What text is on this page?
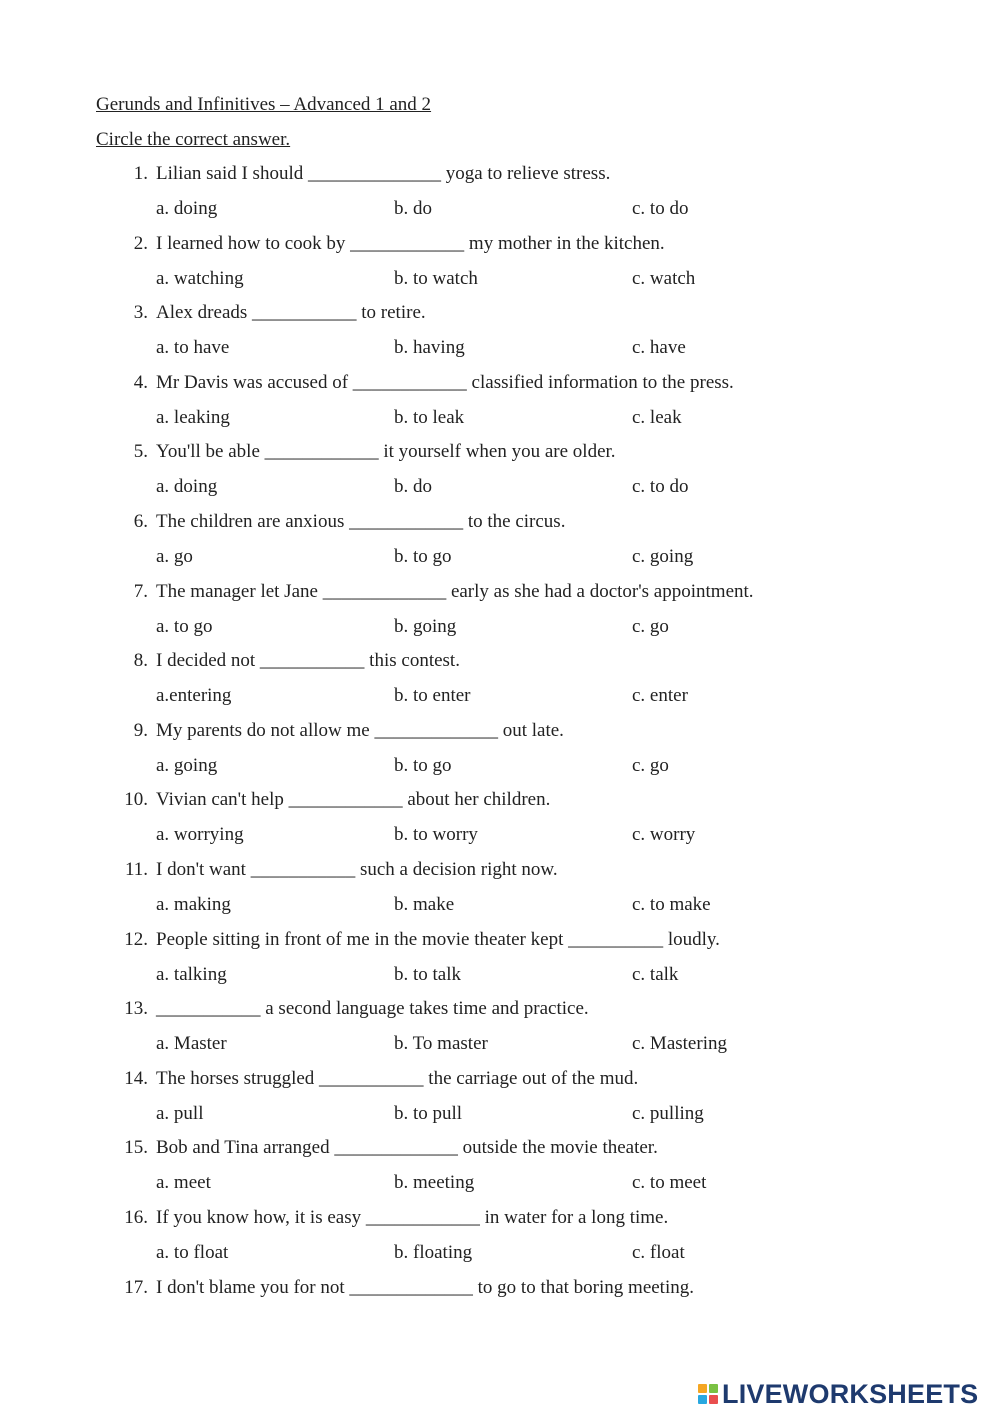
Gerunds and Infinitives – Advanced 1 and 2
Circle the correct answer.
1. Lilian said I should ______________ yoga to relieve stress.
a. doing	b. do	c. to do
2. I learned how to cook by ____________ my mother in the kitchen.
a. watching	b. to watch	c. watch
3. Alex dreads ___________ to retire.
a. to have	b. having	c. have
4. Mr Davis was accused of ____________ classified information to the press.
a. leaking	b. to leak	c. leak
5. You'll be able ____________ it yourself when you are older.
a. doing	b. do	c. to do
6. The children are anxious ____________ to the circus.
a. go	b. to go	c. going
7. The manager let Jane _____________ early as she had a doctor's appointment.
a. to go	b. going	c. go
8. I decided not ___________ this contest.
a.entering	b. to enter	c. enter
9. My parents do not allow me _____________ out late.
a. going	b. to go	c. go
10. Vivian can't help ____________ about her children.
a. worrying	b. to worry	c. worry
11. I don't want ___________ such a decision right now.
a. making	b. make	c. to make
12. People sitting in front of me in the movie theater kept __________ loudly.
a. talking	b. to talk	c. talk
13. ___________ a second language takes time and practice.
a. Master	b. To master	c. Mastering
14. The horses struggled ___________ the carriage out of the mud.
a. pull	b. to pull	c. pulling
15. Bob and Tina arranged _____________ outside the movie theater.
a. meet	b. meeting	c. to meet
16. If you know how, it is easy ____________ in water for a long time.
a. to float	b. floating	c. float
17. I don't blame you for not _____________ to go to that boring meeting.
LIVEWORKSHEETS
